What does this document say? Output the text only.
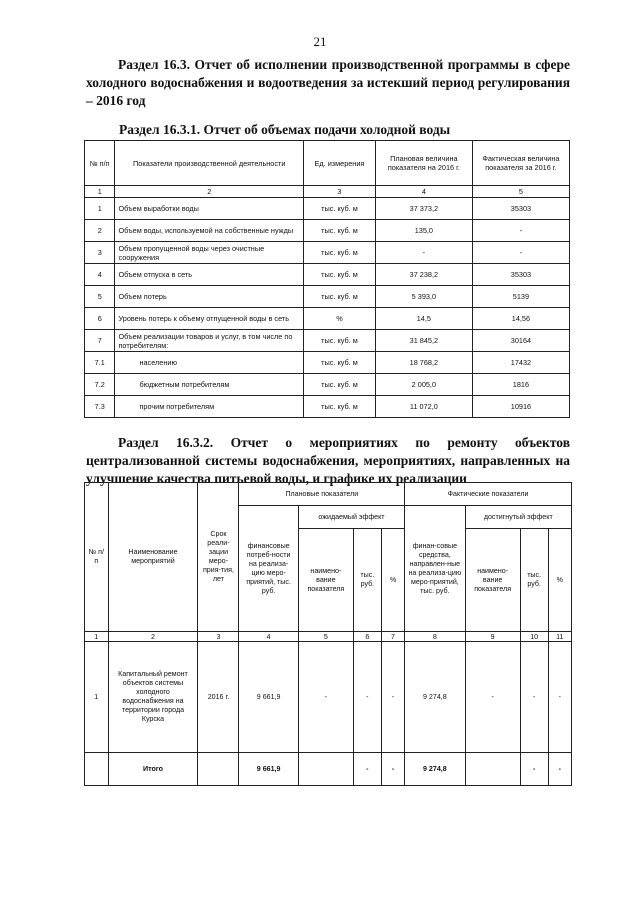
21
Раздел 16.3. Отчет об исполнении производственной программы в сфере холодного водоснабжения и водоотведения за истекший период регулирования – 2016 год
Раздел 16.3.1. Отчет об объемах подачи холодной воды
№ п/п	Показатели производственной деятельности	Ед. измерения	Плановая величина показателя на 2016 г.	Фактическая величина показателя за 2016 г.
1	2	3	4	5
1	Объем выработки воды	тыс. куб. м	37 373,2	35303
2	Объем воды, используемой на собственные нужды	тыс. куб. м	135,0	-
3	Объем пропущенной воды через очистные сооружения	тыс. куб. м	-	-
4	Объем отпуска в сеть	тыс. куб. м	37 238,2	35303
5	Объем потерь	тыс. куб. м	5 393,0	5139
6	Уровень потерь к объему отпущенной воды в сеть	%	14,5	14,56
7	Объем реализации товаров и услуг, в том числе по потребителям:	тыс. куб. м	31 845,2	30164
7.1	населению	тыс. куб. м	18 768,2	17432
7.2	бюджетным потребителям	тыс. куб. м	2 005,0	1816
7.3	прочим потребителям	тыс. куб. м	11 072,0	10916
Раздел 16.3.2. Отчет о мероприятиях по ремонту объектов централизованной системы водоснабжения, мероприятиях, направленных на улучшение качества питьевой воды, и графике их реализации
№ п/п	Наименование мероприятий	Срок реали-зации меро-прия-тия, лет	Плановые показатели				Фактические показатели			
			финансовые потреб-ности на реализа-цию меро-приятий, тыс. руб.	ожидаемый эффект			финан-совые средства, направлен-ные на реализа-цию меро-приятий, тыс. руб.	достигнутый эффект		
				наимено-вание показателя	тыс. руб.	%		наимено-вание показателя	тыс. руб.	%
1	2	3	4	5	6	7	8	9	10	11
1	Капитальный ремонт объектов системы холодного водоснабжения на территории города Курска	2016 г.	9 661,9	-	-	-	9 274,8	-	-	-
	Итого		9 661,9		-	-	9 274,8		-	-
